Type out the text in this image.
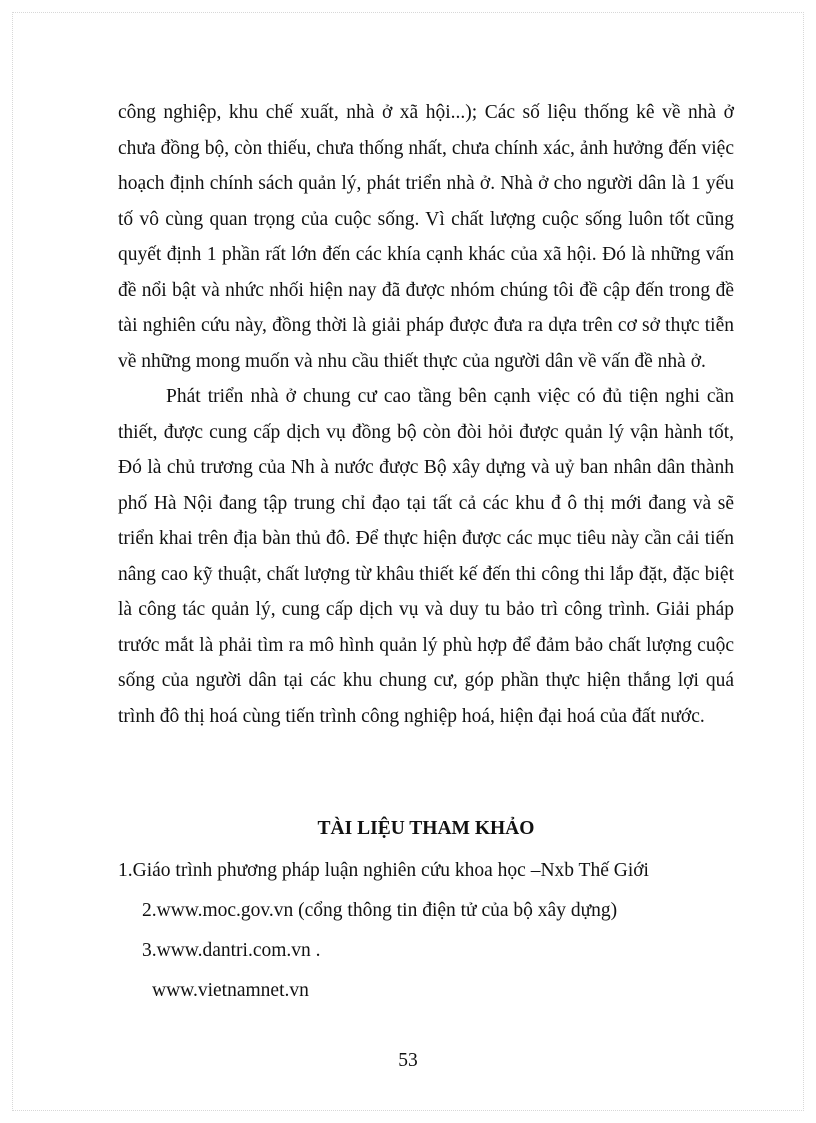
công nghiệp, khu chế xuất, nhà ở xã hội...); Các số liệu thống kê về nhà ở chưa đồng bộ, còn thiếu, chưa thống nhất, chưa chính xác, ảnh hưởng đến việc hoạch định chính sách quản lý, phát triển nhà ở. Nhà ở cho người dân là 1 yếu tố vô cùng quan trọng của cuộc sống. Vì chất lượng cuộc sống luôn tốt cũng quyết định 1 phần rất lớn đến các khía cạnh khác của xã hội. Đó là những vấn đề nổi bật và nhức nhối hiện nay đã được nhóm chúng tôi đề cập đến trong đề tài nghiên cứu này, đồng thời là giải pháp được đưa ra dựa trên cơ sở thực tiễn về những mong muốn và nhu cầu thiết thực của người dân về vấn đề nhà ở.

Phát triển nhà ở chung cư cao tầng bên cạnh việc có đủ tiện nghi cần thiết, được cung cấp dịch vụ đồng bộ còn đòi hỏi được quản lý vận hành tốt, Đó là chủ trương của Nh à nước được Bộ xây dựng và uỷ ban nhân dân thành phố Hà Nội đang tập trung chỉ đạo tại tất cả các khu đ ô thị mới đang và sẽ triển khai trên địa bàn thủ đô. Để thực hiện được các mục tiêu này cần cải tiến nâng cao kỹ thuật, chất lượng từ khâu thiết kế đến thi công thi lắp đặt, đặc biệt là công tác quản lý, cung cấp dịch vụ và duy tu bảo trì công trình. Giải pháp trước mắt là phải tìm ra mô hình quản lý phù hợp để đảm bảo chất lượng cuộc sống của người dân tại các khu chung cư, góp phần thực hiện thắng lợi quá trình đô thị hoá cùng tiến trình công nghiệp hoá, hiện đại hoá của đất nước.

TÀI LIỆU THAM KHẢO
1.Giáo trình phương pháp luận nghiên cứu khoa học –Nxb Thế Giới
2.www.moc.gov.vn (cổng thông tin điện tử của bộ xây dựng)
3.www.dantri.com.vn .
www.vietnamnet.vn
53
